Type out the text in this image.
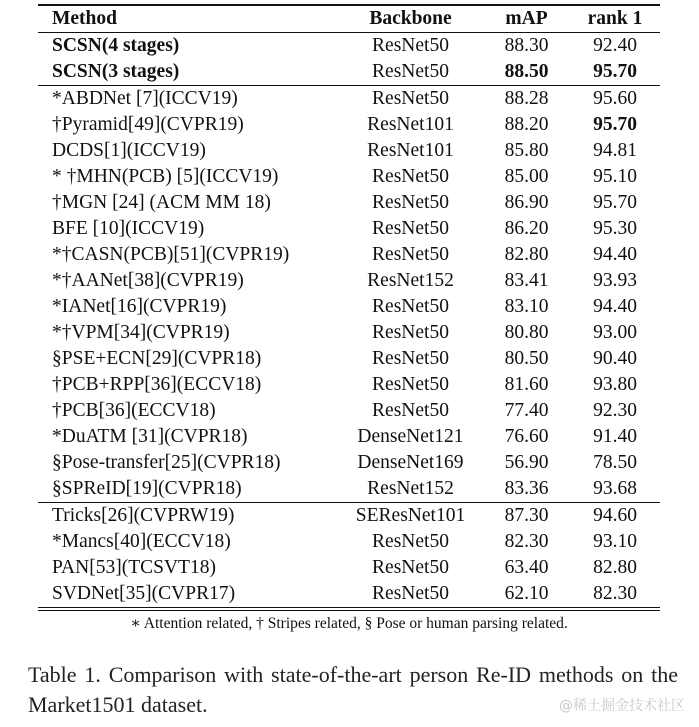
Method	Backbone	mAP	rank 1
SCSN(4 stages)	ResNet50	88.30	92.40
SCSN(3 stages)	ResNet50	88.50	95.70
*ABDNet [7](ICCV19)	ResNet50	88.28	95.60
†Pyramid[49](CVPR19)	ResNet101	88.20	95.70
DCDS[1](ICCV19)	ResNet101	85.80	94.81
* †MHN(PCB) [5](ICCV19)	ResNet50	85.00	95.10
†MGN [24] (ACM MM 18)	ResNet50	86.90	95.70
BFE [10](ICCV19)	ResNet50	86.20	95.30
*†CASN(PCB)[51](CVPR19)	ResNet50	82.80	94.40
*†AANet[38](CVPR19)	ResNet152	83.41	93.93
*IANet[16](CVPR19)	ResNet50	83.10	94.40
*†VPM[34](CVPR19)	ResNet50	80.80	93.00
§PSE+ECN[29](CVPR18)	ResNet50	80.50	90.40
†PCB+RPP[36](ECCV18)	ResNet50	81.60	93.80
†PCB[36](ECCV18)	ResNet50	77.40	92.30
*DuATM [31](CVPR18)	DenseNet121	76.60	91.40
§Pose-transfer[25](CVPR18)	DenseNet169	56.90	78.50
§SPReID[19](CVPR18)	ResNet152	83.36	93.68
Tricks[26](CVPRW19)	SEResNet101	87.30	94.60
*Mancs[40](ECCV18)	ResNet50	82.30	93.10
PAN[53](TCSVT18)	ResNet50	63.40	82.80
SVDNet[35](CVPR17)	ResNet50	62.10	82.30
∗ Attention related, † Stripes related, § Pose or human parsing related.
Table 1. Comparison with state-of-the-art person Re-ID methods on the Market1501 dataset.	@稀土掘金技术社区
